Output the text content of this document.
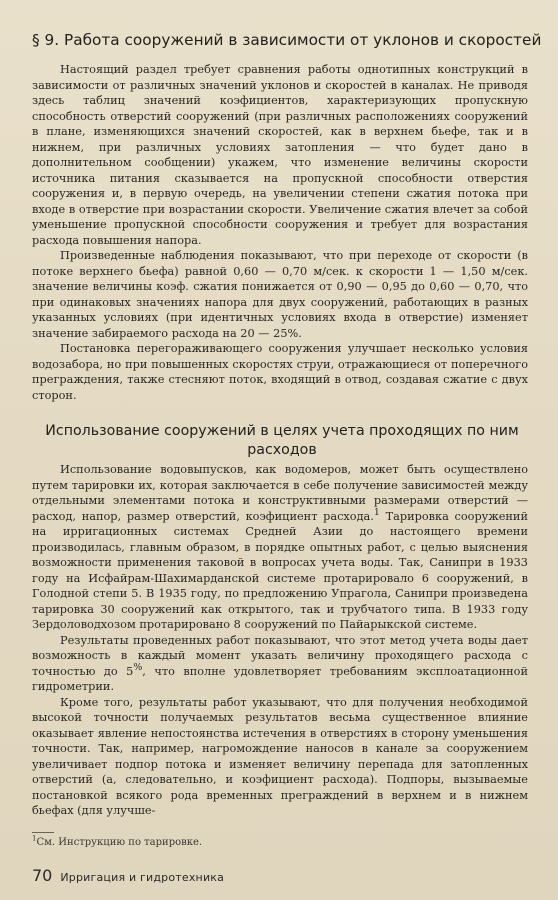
§ 9. Работа сооружений в зависимости от уклонов и скоростей

Настоящий раздел требует сравнения работы однотипных конструкций в зависимости от различных значений уклонов и скоростей в каналах. Не приводя здесь таблиц значений коэфициентов, характеризующих пропускную способность отверстий сооружений (при различных расположениях сооружений в плане, изменяющихся значений скоростей, как в верхнем бьефе, так и в нижнем, при различных условиях затопления — что будет дано в дополнительном сообщении) укажем, что изменение величины скорости источника питания сказывается на пропускной способности отверстия сооружения и, в первую очередь, на увеличении степени сжатия потока при входе в отверстие при возрастании скорости. Увеличение сжатия влечет за собой уменьшение пропускной способности сооружения и требует для возрастания расхода повышения напора.

Произведенные наблюдения показывают, что при переходе от скорости (в потоке верхнего бьефа) равной 0,60 — 0,70 м/сек. к скорости 1 — 1,50 м/сек. значение величины коэф. сжатия понижается от 0,90 — 0,95 до 0,60 — 0,70, что при одинаковых значениях напора для двух сооружений, работающих в разных указанных условиях (при идентичных условиях входа в отверстие) изменяет значение забираемого расхода на 20 — 25%.

Постановка перегораживающего сооружения улучшает несколько условия водозабора, но при повышенных скоростях струи, отражающиеся от поперечного преграждения, также стесняют поток, входящий в отвод, создавая сжатие с двух сторон.

Использование сооружений в целях учета проходящих по ним расходов

Использование водовыпусков, как водомеров, может быть осуществлено путем тарировки их, которая заключается в себе получение зависимостей между отдельными элементами потока и конструктивными размерами отверстий — расход, напор, размер отверстий, коэфициент расхода.$^1$ Тарировка сооружений на ирригационных системах Средней Азии до настоящего времени производилась, главным образом, в порядке опытных работ, с целью выяснения возможности применения таковой в вопросах учета воды. Так, Санипри в 1933 году на Исфайрам-Шахимарданской системе протарировало 6 сооружений, в Голодной степи 5. В 1935 году, по предложению Упрагола, Санипри произведена тарировка 30 сооружений как открытого, так и трубчатого типа. В 1933 году Зердоловодхозом протарировано 8 сооружений по Пайарыкской системе.

Результаты проведенных работ показывают, что этот метод учета воды дает возможность в каждый момент указать величину проходящего расхода с точностью до 5%, что вполне удовлетворяет требованиям эксплоатационной гидрометрии.

Кроме того, результаты работ указывают, что для получения необходимой высокой точности получаемых результатов весьма существенное влияние оказывает явление непостоянства истечения в отверстиях в сторону уменьшения точности. Так, например, нагромождение наносов в канале за сооружением увеличивает подпор потока и изменяет величину перепада для затопленных отверстий (а, следовательно, и коэфициент расхода). Подпоры, вызываемые постановкой всякого рода временных преграждений в верхнем и в нижнем бьефах (для улучше-

$^1$См. Инструкцию по тарировке.
70 Ирригация и гидротехника
